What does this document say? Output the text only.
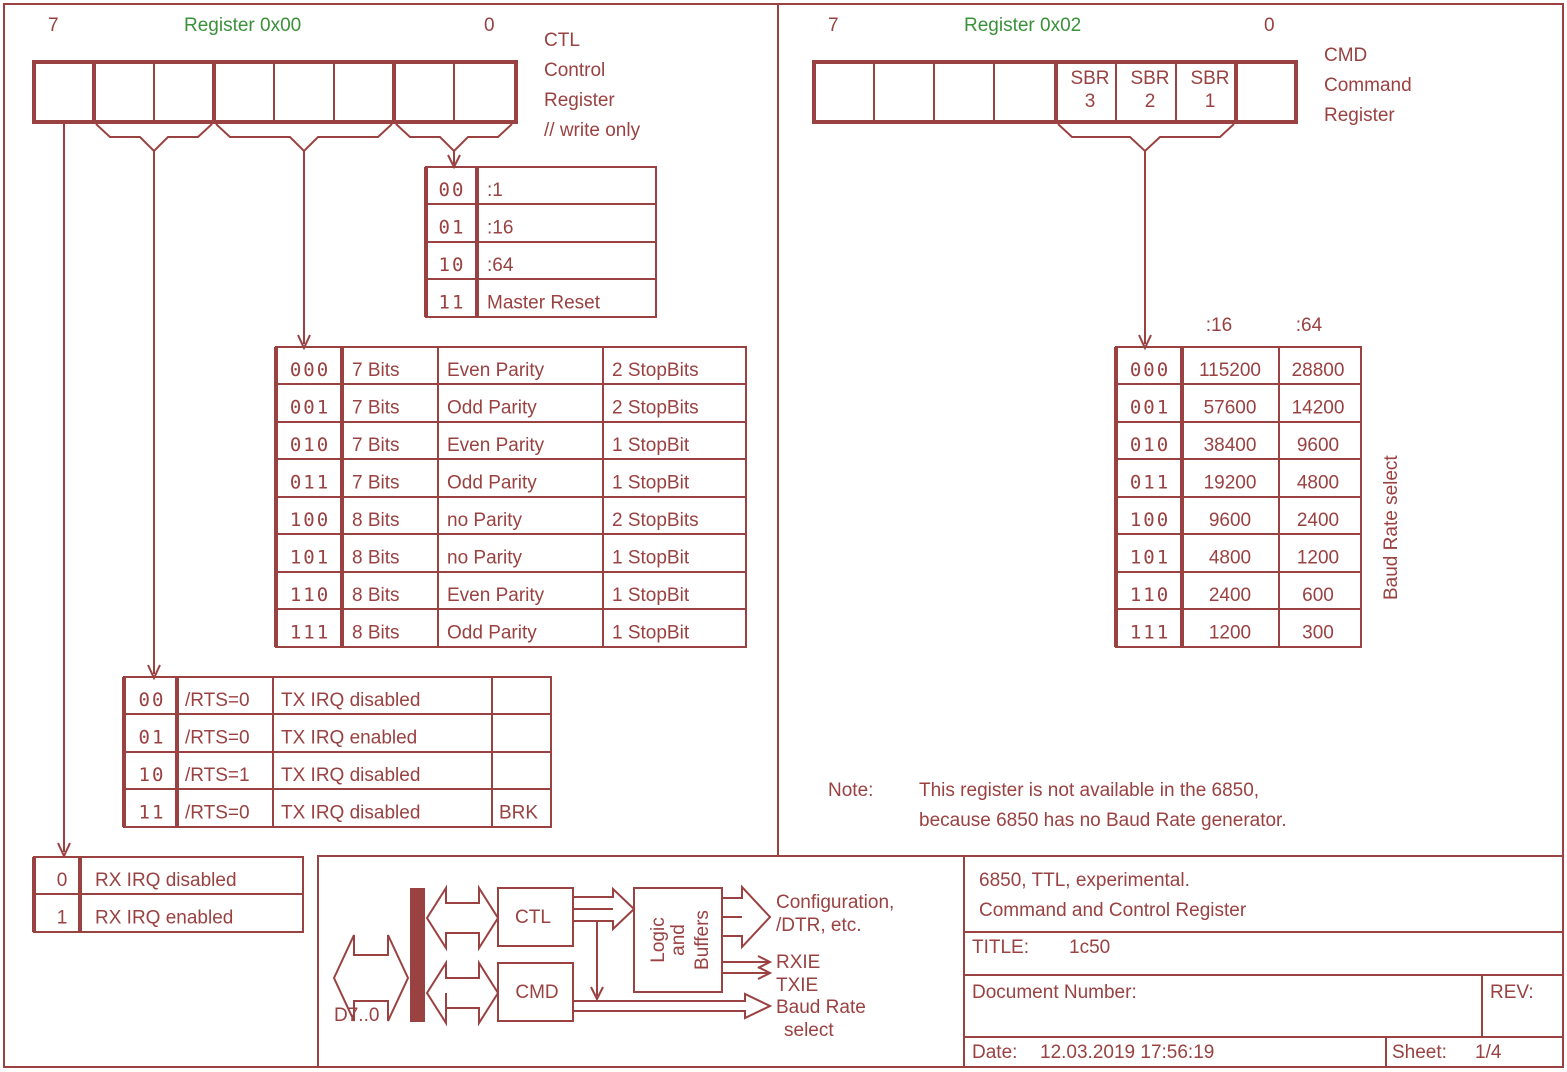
7	Register 0x00	0
CTL
Control
Register
// write only
00 :1
01 :16
10 :64
11 Master Reset
000 7 Bits Even Parity	2 StopBits
001 7 Bits Odd Parity	2 StopBits
010 7 Bits Even Parity	1 StopBit
011 7 Bits Odd Parity	1 StopBit
100 8 Bits no Parity	2 StopBits
101 8 Bits no Parity	1 StopBit
110 8 Bits Even Parity	1 StopBit
111 8 Bits Odd Parity	1 StopBit
00 /RTS=0 TX IRQ disabled
01 /RTS=0 TX IRQ enabled
10 /RTS=1 TX IRQ disabled
11 /RTS=0 TX IRQ disabled	BRK
0 RX IRQ disabled
1 RX IRQ enabled
7	Register 0x02	0
CMD
Command
Register
SBR
3
SBR
2
SBR
1
:16	:64
000 115200 28800
001 57600 14200
010 38400 9600
011 19200 4800
100 9600 2400
101 4800 1200
110 2400	600
111 1200	300
Baud Rate select
Note: This register is not available in the 6850,
because 6850 has no Baud Rate generator.
D7..0
CTL
CMD
Logic and Buffers
Configuration,
/DTR, etc.
RXIE
TXIE
Baud Rate
select
6850, TTL, experimental.
Command and Control Register
TITLE: 1c50
Document Number:	REV:
Date: 12.03.2019 17:56:19	Sheet: 1/4
